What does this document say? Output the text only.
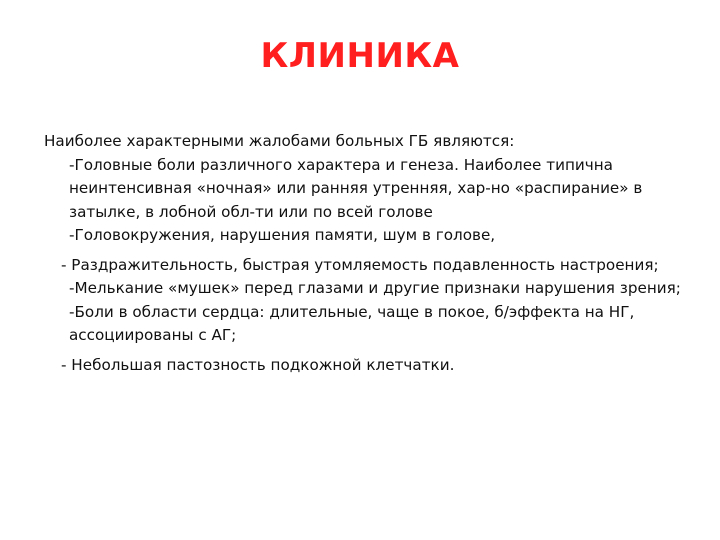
КЛИНИКА

Наиболее характерными жалобами больных ГБ являются:

-Головные боли различного характера и генеза. Наиболее типична неинтенсивная «ночная» или ранняя утренняя, хар-но «распирание» в затылке, в лобной обл-ти или по всей голове
-Головокружения, нарушения памяти, шум в голове,
- Раздражительность, быстрая утомляемость подавленность настроения;
-Мелькание «мушек» перед глазами и другие признаки нарушения зрения;
-Боли в области сердца: длительные, чаще в покое, б/эффекта на НГ, ассоциированы с АГ;
- Небольшая пастозность подкожной клетчатки.
